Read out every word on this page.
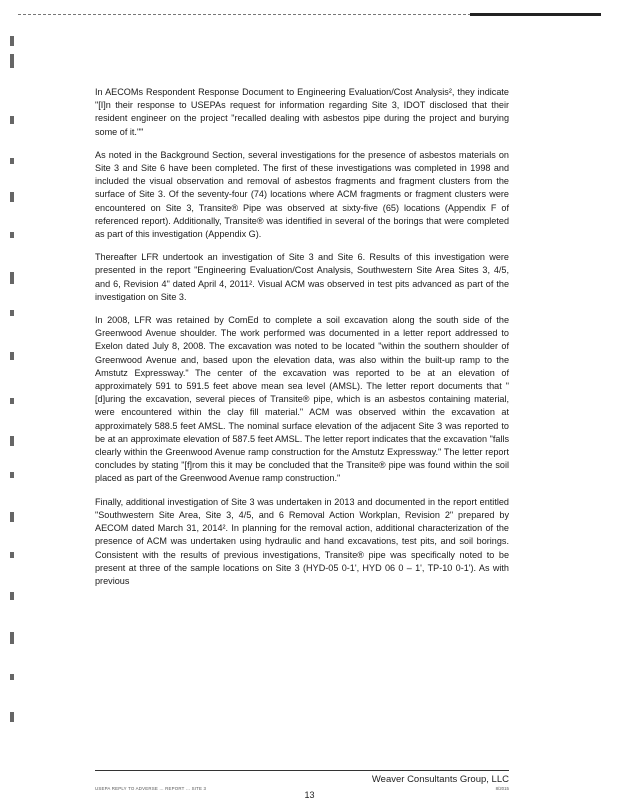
In AECOMs Respondent Response Document to Engineering Evaluation/Cost Analysis², they indicate "[I]n their response to USEPAs request for information regarding Site 3, IDOT disclosed that their resident engineer on the project "recalled dealing with asbestos pipe during the project and burying some of it.""

As noted in the Background Section, several investigations for the presence of asbestos materials on Site 3 and Site 6 have been completed. The first of these investigations was completed in 1998 and included the visual observation and removal of asbestos fragments and fragment clusters from the surface of Site 3. Of the seventy-four (74) locations where ACM fragments or fragment clusters were encountered on Site 3, Transite® Pipe was observed at sixty-five (65) locations (Appendix F of referenced report). Additionally, Transite® was identified in several of the borings that were completed as part of this investigation (Appendix G).

Thereafter LFR undertook an investigation of Site 3 and Site 6. Results of this investigation were presented in the report "Engineering Evaluation/Cost Analysis, Southwestern Site Area Sites 3, 4/5, and 6, Revision 4" dated April 4, 2011². Visual ACM was observed in test pits advanced as part of the investigation on Site 3.

In 2008, LFR was retained by ComEd to complete a soil excavation along the south side of the Greenwood Avenue shoulder. The work performed was documented in a letter report addressed to Exelon dated July 8, 2008. The excavation was noted to be located "within the southern shoulder of Greenwood Avenue and, based upon the elevation data, was also within the built-up ramp to the Amstutz Expressway." The center of the excavation was reported to be at an elevation of approximately 591 to 591.5 feet above mean sea level (AMSL). The letter report documents that "[d]uring the excavation, several pieces of Transite® pipe, which is an asbestos containing material, were encountered within the clay fill material." ACM was observed within the excavation at approximately 588.5 feet AMSL. The nominal surface elevation of the adjacent Site 3 was reported to be at an approximate elevation of 587.5 feet AMSL. The letter report indicates that the excavation "falls clearly within the Greenwood Avenue ramp construction for the Amstutz Expressway." The letter report concludes by stating "[f]rom this it may be concluded that the Transite® pipe was found within the soil placed as part of the Greenwood Avenue ramp construction."

Finally, additional investigation of Site 3 was undertaken in 2013 and documented in the report entitled "Southwestern Site Area, Site 3, 4/5, and 6 Removal Action Workplan, Revision 2" prepared by AECOM dated March 31, 2014². In planning for the removal action, additional characterization of the presence of ACM was undertaken using hydraulic and hand excavations, test pits, and soil borings. Consistent with the results of previous investigations, Transite® pipe was specifically noted to be present at three of the sample locations on Site 3 (HYD-05 0-1', HYD 06 0 – 1', TP-10 0-1'). As with previous

Weaver Consultants Group, LLC
USEPA REPLY TO ADVERSE ... REPORT ... SITE 3	8/2015
13
